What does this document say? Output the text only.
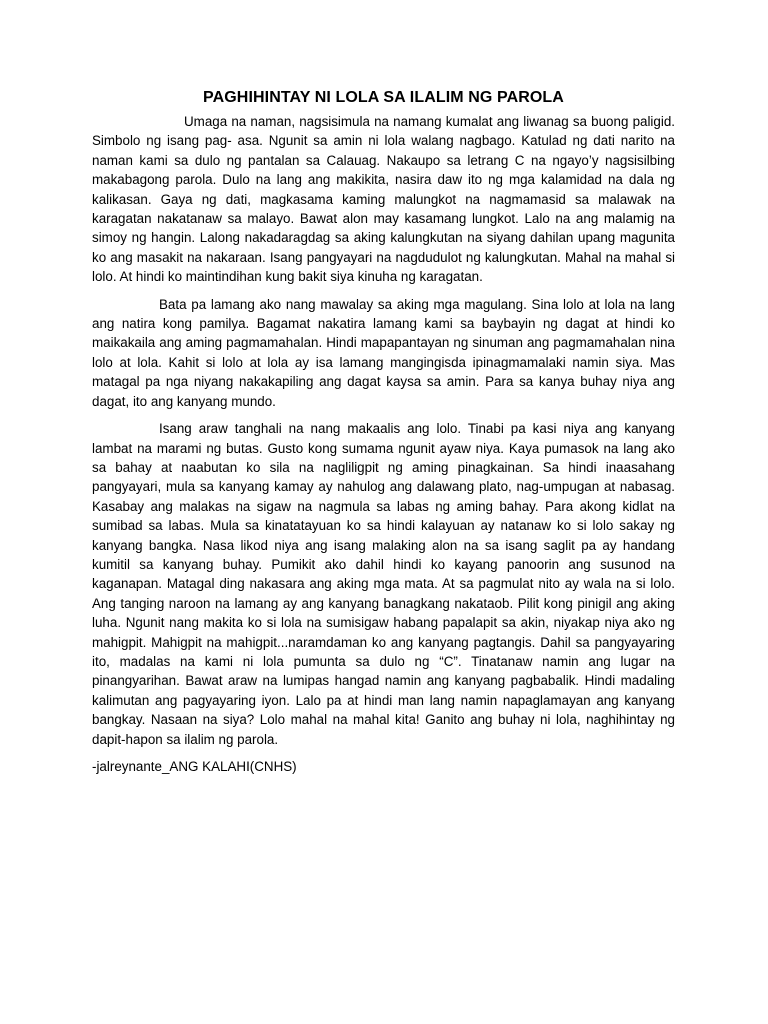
PAGHIHINTAY NI LOLA SA ILALIM NG PAROLA

Umaga na naman, nagsisimula na namang kumalat ang liwanag sa buong paligid. Simbolo ng isang pag- asa. Ngunit sa amin ni lola walang nagbago. Katulad ng dati narito na naman kami sa dulo ng pantalan sa Calauag. Nakaupo sa letrang C na ngayo’y nagsisilbing makabagong parola. Dulo na lang ang makikita, nasira daw ito ng mga kalamidad na dala ng kalikasan. Gaya ng dati, magkasama kaming malungkot na nagmamasid sa malawak na karagatan nakatanaw sa malayo. Bawat alon may kasamang lungkot. Lalo na ang malamig na simoy ng hangin. Lalong nakadaragdag sa aking kalungkutan na siyang dahilan upang magunita ko ang masakit na nakaraan. Isang pangyayari na nagdudulot ng kalungkutan. Mahal na mahal si lolo. At hindi ko maintindihan kung bakit siya kinuha ng karagatan.

Bata pa lamang ako nang mawalay sa aking mga magulang. Sina lolo at lola na lang ang natira kong pamilya. Bagamat nakatira lamang kami sa baybayin ng dagat at hindi ko maikakaila ang aming pagmamahalan. Hindi mapapantayan ng sinuman ang pagmamahalan nina lolo at lola. Kahit si lolo at lola ay isa lamang mangingisda ipinagmamalaki namin siya. Mas matagal pa nga niyang nakakapiling ang dagat kaysa sa amin. Para sa kanya buhay niya ang dagat, ito ang kanyang mundo.

Isang araw tanghali na nang makaalis ang lolo. Tinabi pa kasi niya ang kanyang lambat na marami ng butas. Gusto kong sumama ngunit ayaw niya. Kaya pumasok na lang ako sa bahay at naabutan ko sila na nagliligpit ng aming pinagkainan. Sa hindi inaasahang pangyayari, mula sa kanyang kamay ay nahulog ang dalawang plato, nag-umpugan at nabasag. Kasabay ang malakas na sigaw na nagmula sa labas ng aming bahay. Para akong kidlat na sumibad sa labas. Mula sa kinatatayuan ko sa hindi kalayuan ay natanaw ko si lolo sakay ng kanyang bangka. Nasa likod niya ang isang malaking alon na sa isang saglit pa ay handang kumitil sa kanyang buhay. Pumikit ako dahil hindi ko kayang panoorin ang susunod na kaganapan. Matagal ding nakasara ang aking mga mata. At sa pagmulat nito ay wala na si lolo. Ang tanging naroon na lamang ay ang kanyang banagkang nakataob. Pilit kong pinigil ang aking luha. Ngunit nang makita ko si lola na sumisigaw habang papalapit sa akin, niyakap niya ako ng mahigpit. Mahigpit na mahigpit...naramdaman ko ang kanyang pagtangis. Dahil sa pangyayaring ito, madalas na kami ni lola pumunta sa dulo ng “C”. Tinatanaw namin ang lugar na pinangyarihan. Bawat araw na lumipas hangad namin ang kanyang pagbabalik. Hindi madaling kalimutan ang pagyayaring iyon. Lalo pa at hindi man lang namin napaglamayan ang kanyang bangkay. Nasaan na siya? Lolo mahal na mahal kita! Ganito ang buhay ni lola, naghihintay ng dapit-hapon sa ilalim ng parola.

-jalreynante_ANG KALAHI(CNHS)
